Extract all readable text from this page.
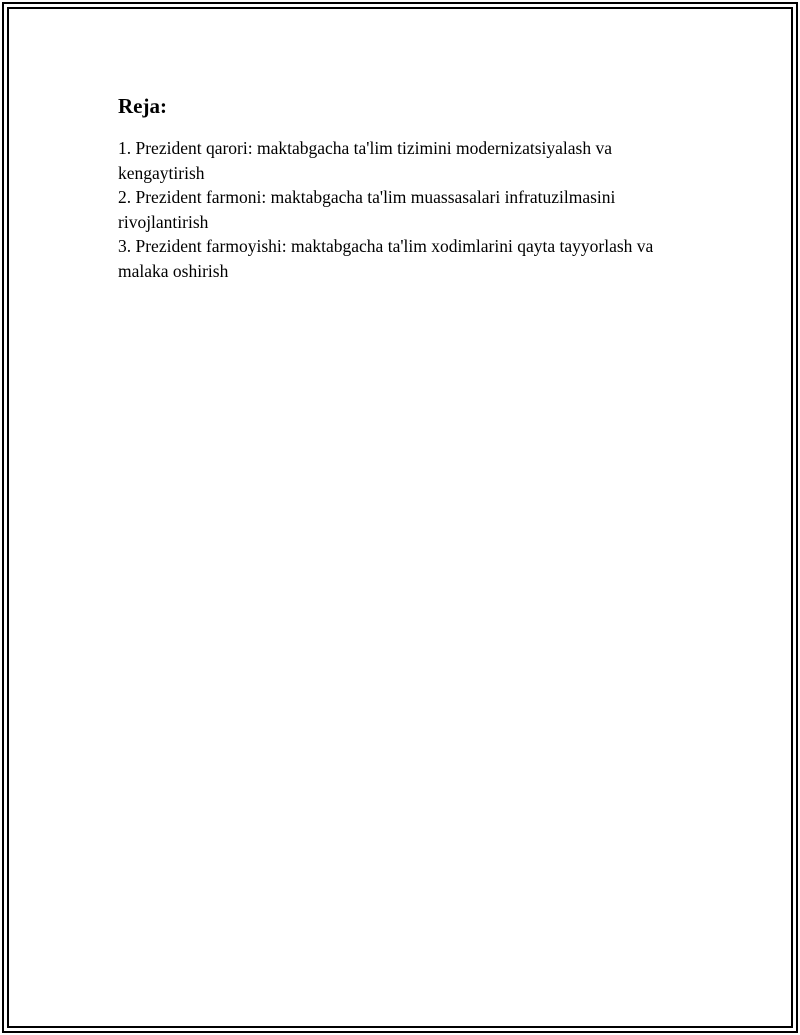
Reja:
1. Prezident qarori: maktabgacha ta'lim tizimini modernizatsiyalash va kengaytirish
2. Prezident farmoni: maktabgacha ta'lim muassasalari infratuzilmasini rivojlantirish
3. Prezident farmoyishi: maktabgacha ta'lim xodimlarini qayta tayyorlash va malaka oshirish
